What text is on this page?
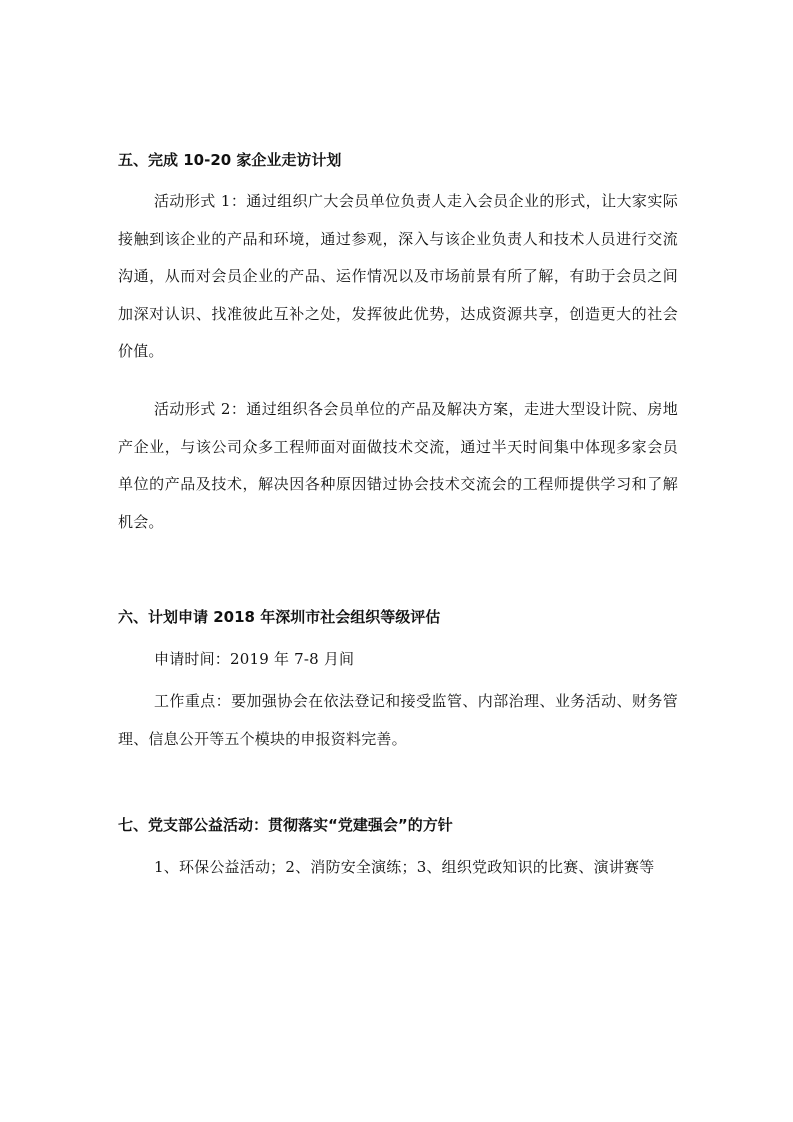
五、完成 10-20 家企业走访计划

活动形式 1：通过组织广大会员单位负责人走入会员企业的形式，让大家实际接触到该企业的产品和环境，通过参观，深入与该企业负责人和技术人员进行交流沟通，从而对会员企业的产品、运作情况以及市场前景有所了解，有助于会员之间加深对认识、找准彼此互补之处，发挥彼此优势，达成资源共享，创造更大的社会价值。

活动形式 2：通过组织各会员单位的产品及解决方案，走进大型设计院、房地产企业，与该公司众多工程师面对面做技术交流，通过半天时间集中体现多家会员单位的产品及技术，解决因各种原因错过协会技术交流会的工程师提供学习和了解机会。

六、计划申请 2018 年深圳市社会组织等级评估

申请时间：2019 年 7-8 月间

工作重点：要加强协会在依法登记和接受监管、内部治理、业务活动、财务管理、信息公开等五个模块的申报资料完善。

七、党支部公益活动：贯彻落实“党建强会”的方针

1、环保公益活动；2、消防安全演练；3、组织党政知识的比赛、演讲赛等
